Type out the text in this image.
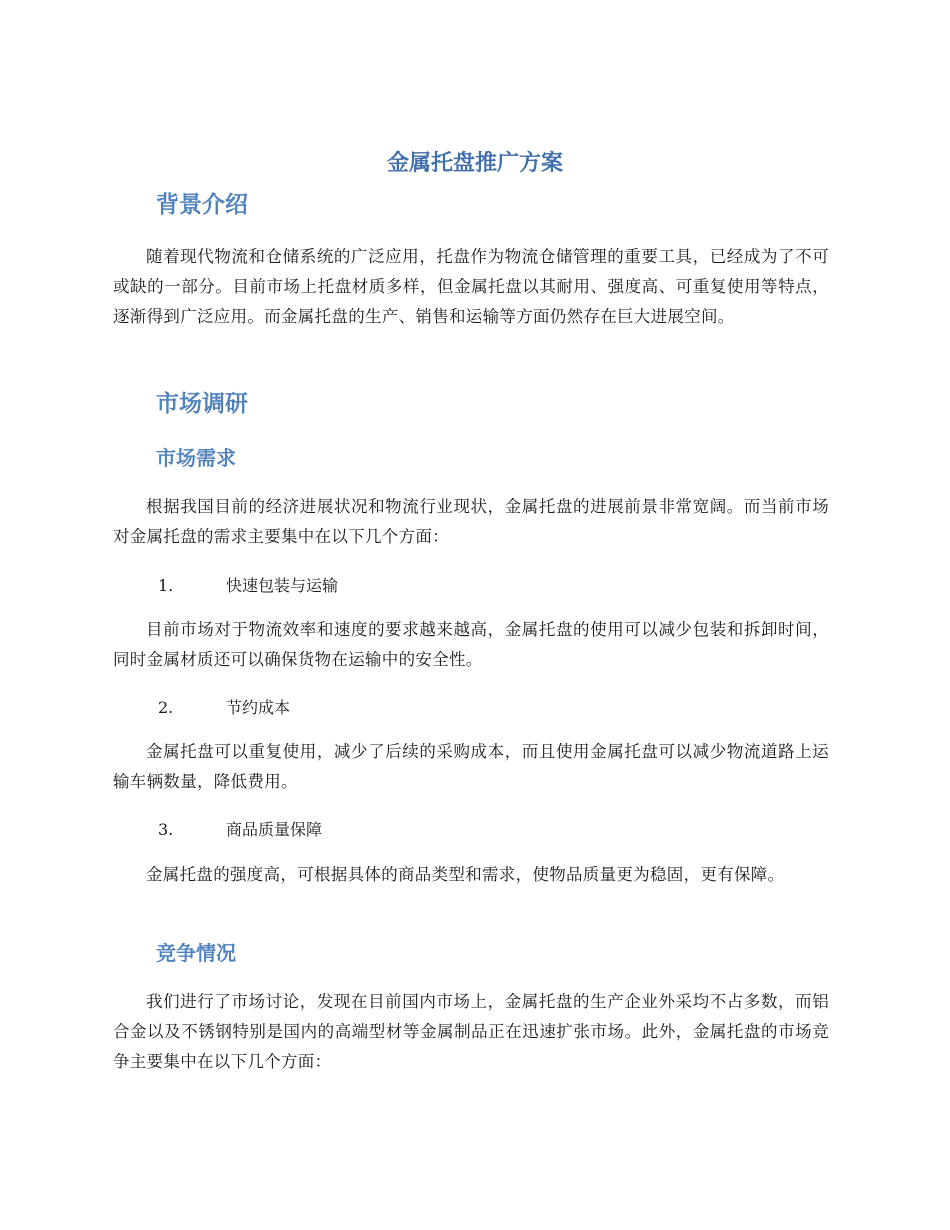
金属托盘推广方案
背景介绍

随着现代物流和仓储系统的广泛应用，托盘作为物流仓储管理的重要工具，已经成为了不可或缺的一部分。目前市场上托盘材质多样，但金属托盘以其耐用、强度高、可重复使用等特点，逐渐得到广泛应用。而金属托盘的生产、销售和运输等方面仍然存在巨大进展空间。

市场调研
市场需求

根据我国目前的经济进展状况和物流行业现状，金属托盘的进展前景非常宽阔。而当前市场对金属托盘的需求主要集中在以下几个方面：

1.	快速包装与运输

目前市场对于物流效率和速度的要求越来越高，金属托盘的使用可以减少包装和拆卸时间，同时金属材质还可以确保货物在运输中的安全性。

2.	节约成本

金属托盘可以重复使用，减少了后续的采购成本，而且使用金属托盘可以减少物流道路上运输车辆数量，降低费用。

3.	商品质量保障

金属托盘的强度高，可根据具体的商品类型和需求，使物品质量更为稳固，更有保障。

竞争情况

我们进行了市场讨论，发现在目前国内市场上，金属托盘的生产企业外采均不占多数，而铝合金以及不锈钢特别是国内的高端型材等金属制品正在迅速扩张市场。此外，金属托盘的市场竞争主要集中在以下几个方面：
